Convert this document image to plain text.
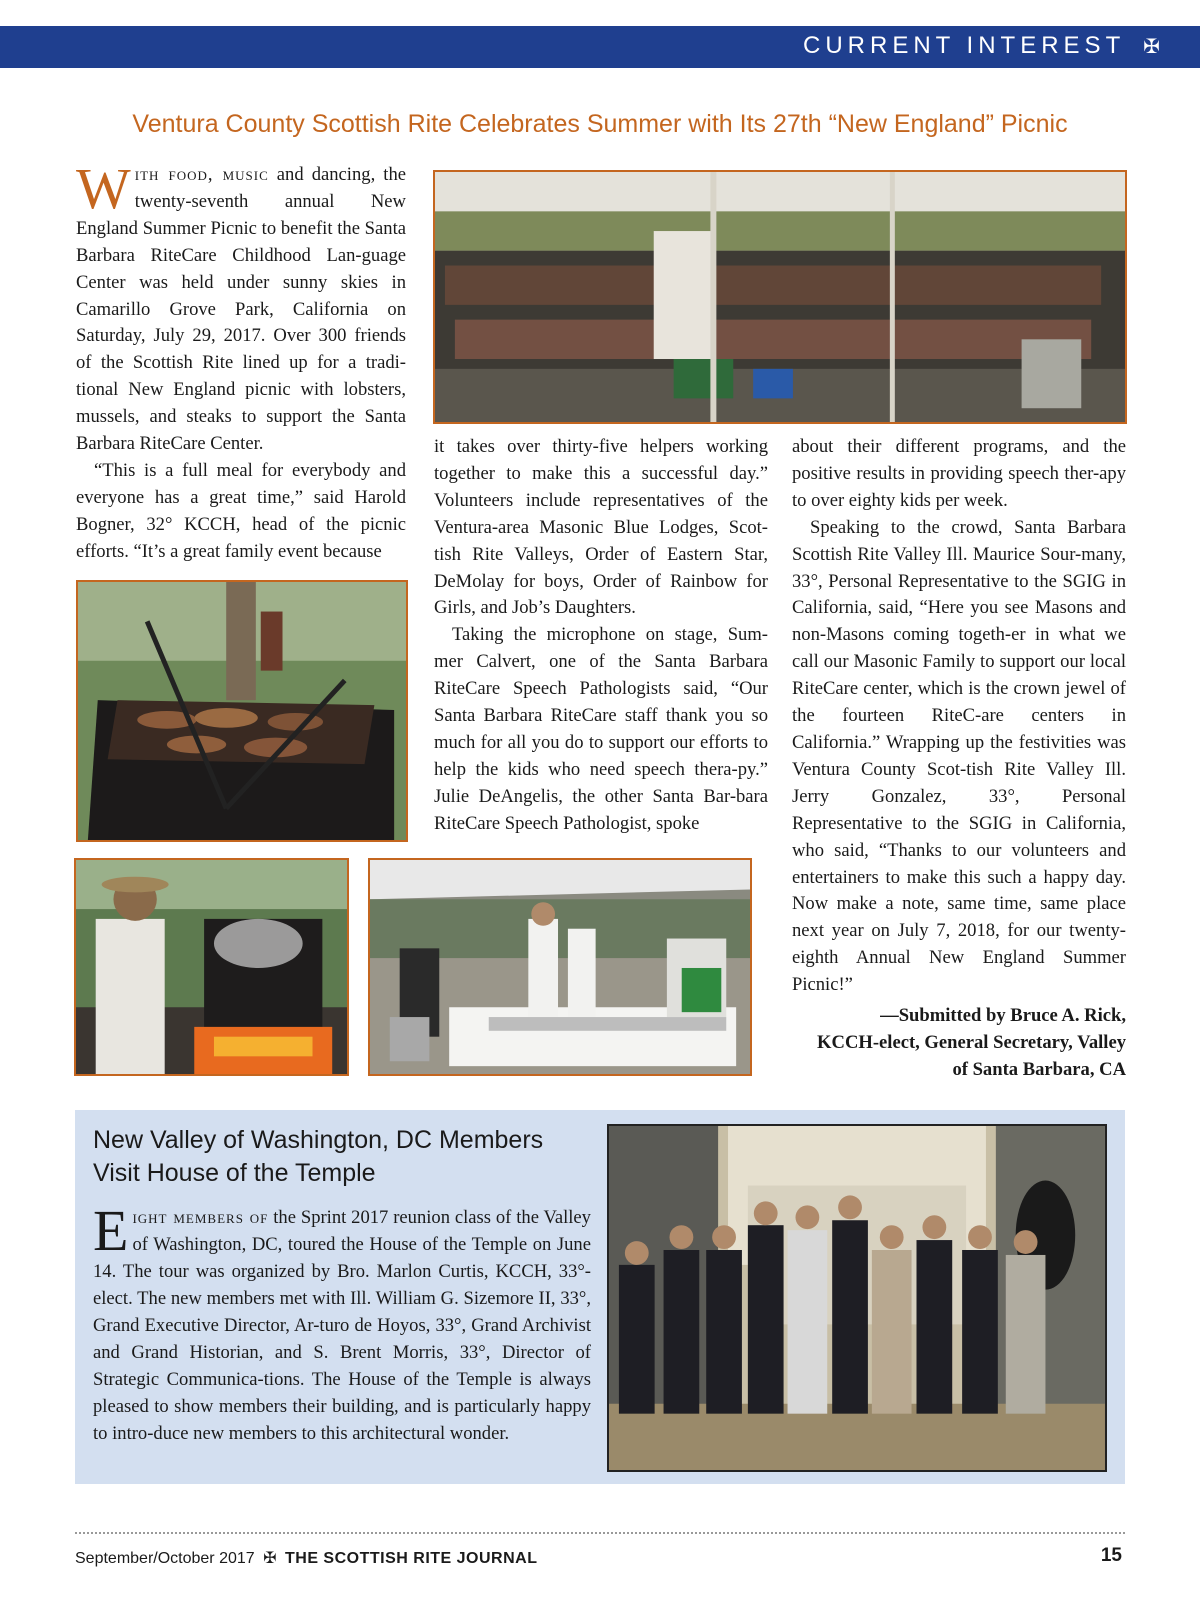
CURRENT INTEREST ✠
Ventura County Scottish Rite Celebrates Summer with Its 27th “New England” Picnic

With food, music and dancing, the twenty-seventh annual New England Summer Picnic to benefit the Santa Barbara RiteCare Childhood Lan-guage Center was held under sunny skies in Camarillo Grove Park, California on Saturday, July 29, 2017. Over 300 friends of the Scottish Rite lined up for a tradi-tional New England picnic with lobsters, mussels, and steaks to support the Santa Barbara RiteCare Center.

“This is a full meal for everybody and everyone has a great time,” said Harold Bogner, 32° KCCH, head of the picnic efforts. “It’s a great family event because

it takes over thirty-five helpers working together to make this a successful day.” Volunteers include representatives of the Ventura-area Masonic Blue Lodges, Scot-tish Rite Valleys, Order of Eastern Star, DeMolay for boys, Order of Rainbow for Girls, and Job’s Daughters.

Taking the microphone on stage, Sum-mer Calvert, one of the Santa Barbara RiteCare Speech Pathologists said, “Our Santa Barbara RiteCare staff thank you so much for all you do to support our efforts to help the kids who need speech thera-py.” Julie DeAngelis, the other Santa Bar-bara RiteCare Speech Pathologist, spoke

about their different programs, and the positive results in providing speech ther-apy to over eighty kids per week.

Speaking to the crowd, Santa Barbara Scottish Rite Valley Ill. Maurice Sour-many, 33°, Personal Representative to the SGIG in California, said, “Here you see Masons and non-Masons coming togeth-er in what we call our Masonic Family to support our local RiteCare center, which is the crown jewel of the fourteen RiteC-are centers in California.” Wrapping up the festivities was Ventura County Scot-tish Rite Valley Ill. Jerry Gonzalez, 33°, Personal Representative to the SGIG in California, who said, “Thanks to our volunteers and entertainers to make this such a happy day. Now make a note, same time, same place next year on July 7, 2018, for our twenty-eighth Annual New England Summer Picnic!”

—Submitted by Bruce A. Rick,
KCCH-elect, General Secretary, Valley
of Santa Barbara, CA
New Valley of Washington, DC Members Visit House of the Temple
Eight members of the Sprint 2017 reunion class of the Valley of Washington, DC, toured the House of the Temple on June 14. The tour was organized by Bro. Marlon Curtis, KCCH, 33°-elect. The new members met with Ill. William G. Sizemore II, 33°, Grand Executive Director, Ar-turo de Hoyos, 33°, Grand Archivist and Grand Historian, and S. Brent Morris, 33°, Director of Strategic Communica-tions. The House of the Temple is always pleased to show members their building, and is particularly happy to intro-duce new members to this architectural wonder.
September/October 2017 ✠ THE SCOTTISH RITE JOURNAL	15
